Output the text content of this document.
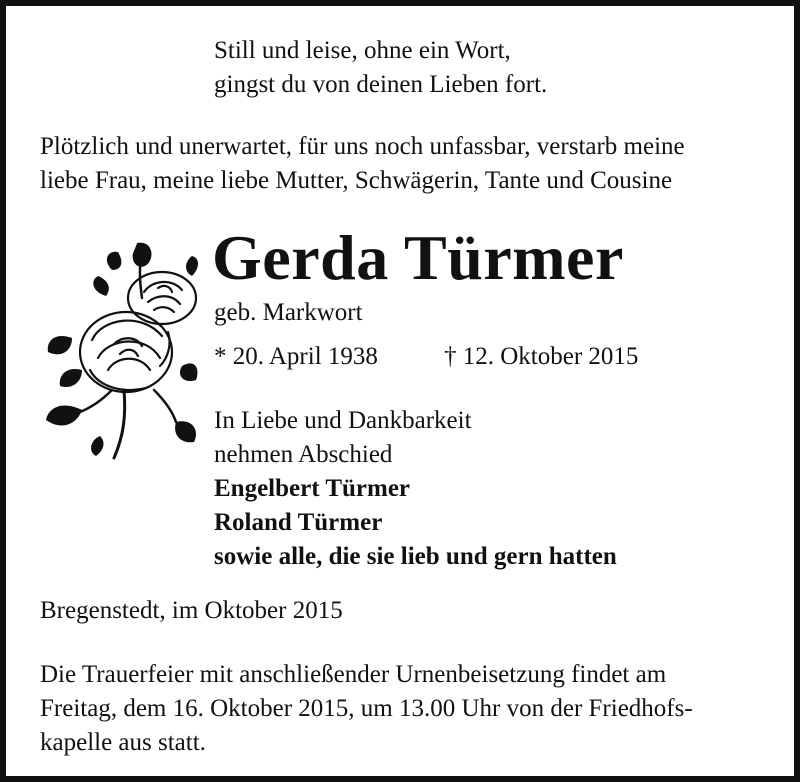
Still und leise, ohne ein Wort,
gingst du von deinen Lieben fort.
Plötzlich und unerwartet, für uns noch unfassbar, verstarb meine
liebe Frau, meine liebe Mutter, Schwägerin, Tante und Cousine
Gerda Türmer
geb. Markwort
* 20. April 1938	† 12. Oktober 2015
In Liebe und Dankbarkeit
nehmen Abschied
Engelbert Türmer
Roland Türmer
sowie alle, die sie lieb und gern hatten
Bregenstedt, im Oktober 2015
Die Trauerfeier mit anschließender Urnenbeisetzung findet am
Freitag, dem 16. Oktober 2015, um 13.00 Uhr von der Friedhofs-
kapelle aus statt.
